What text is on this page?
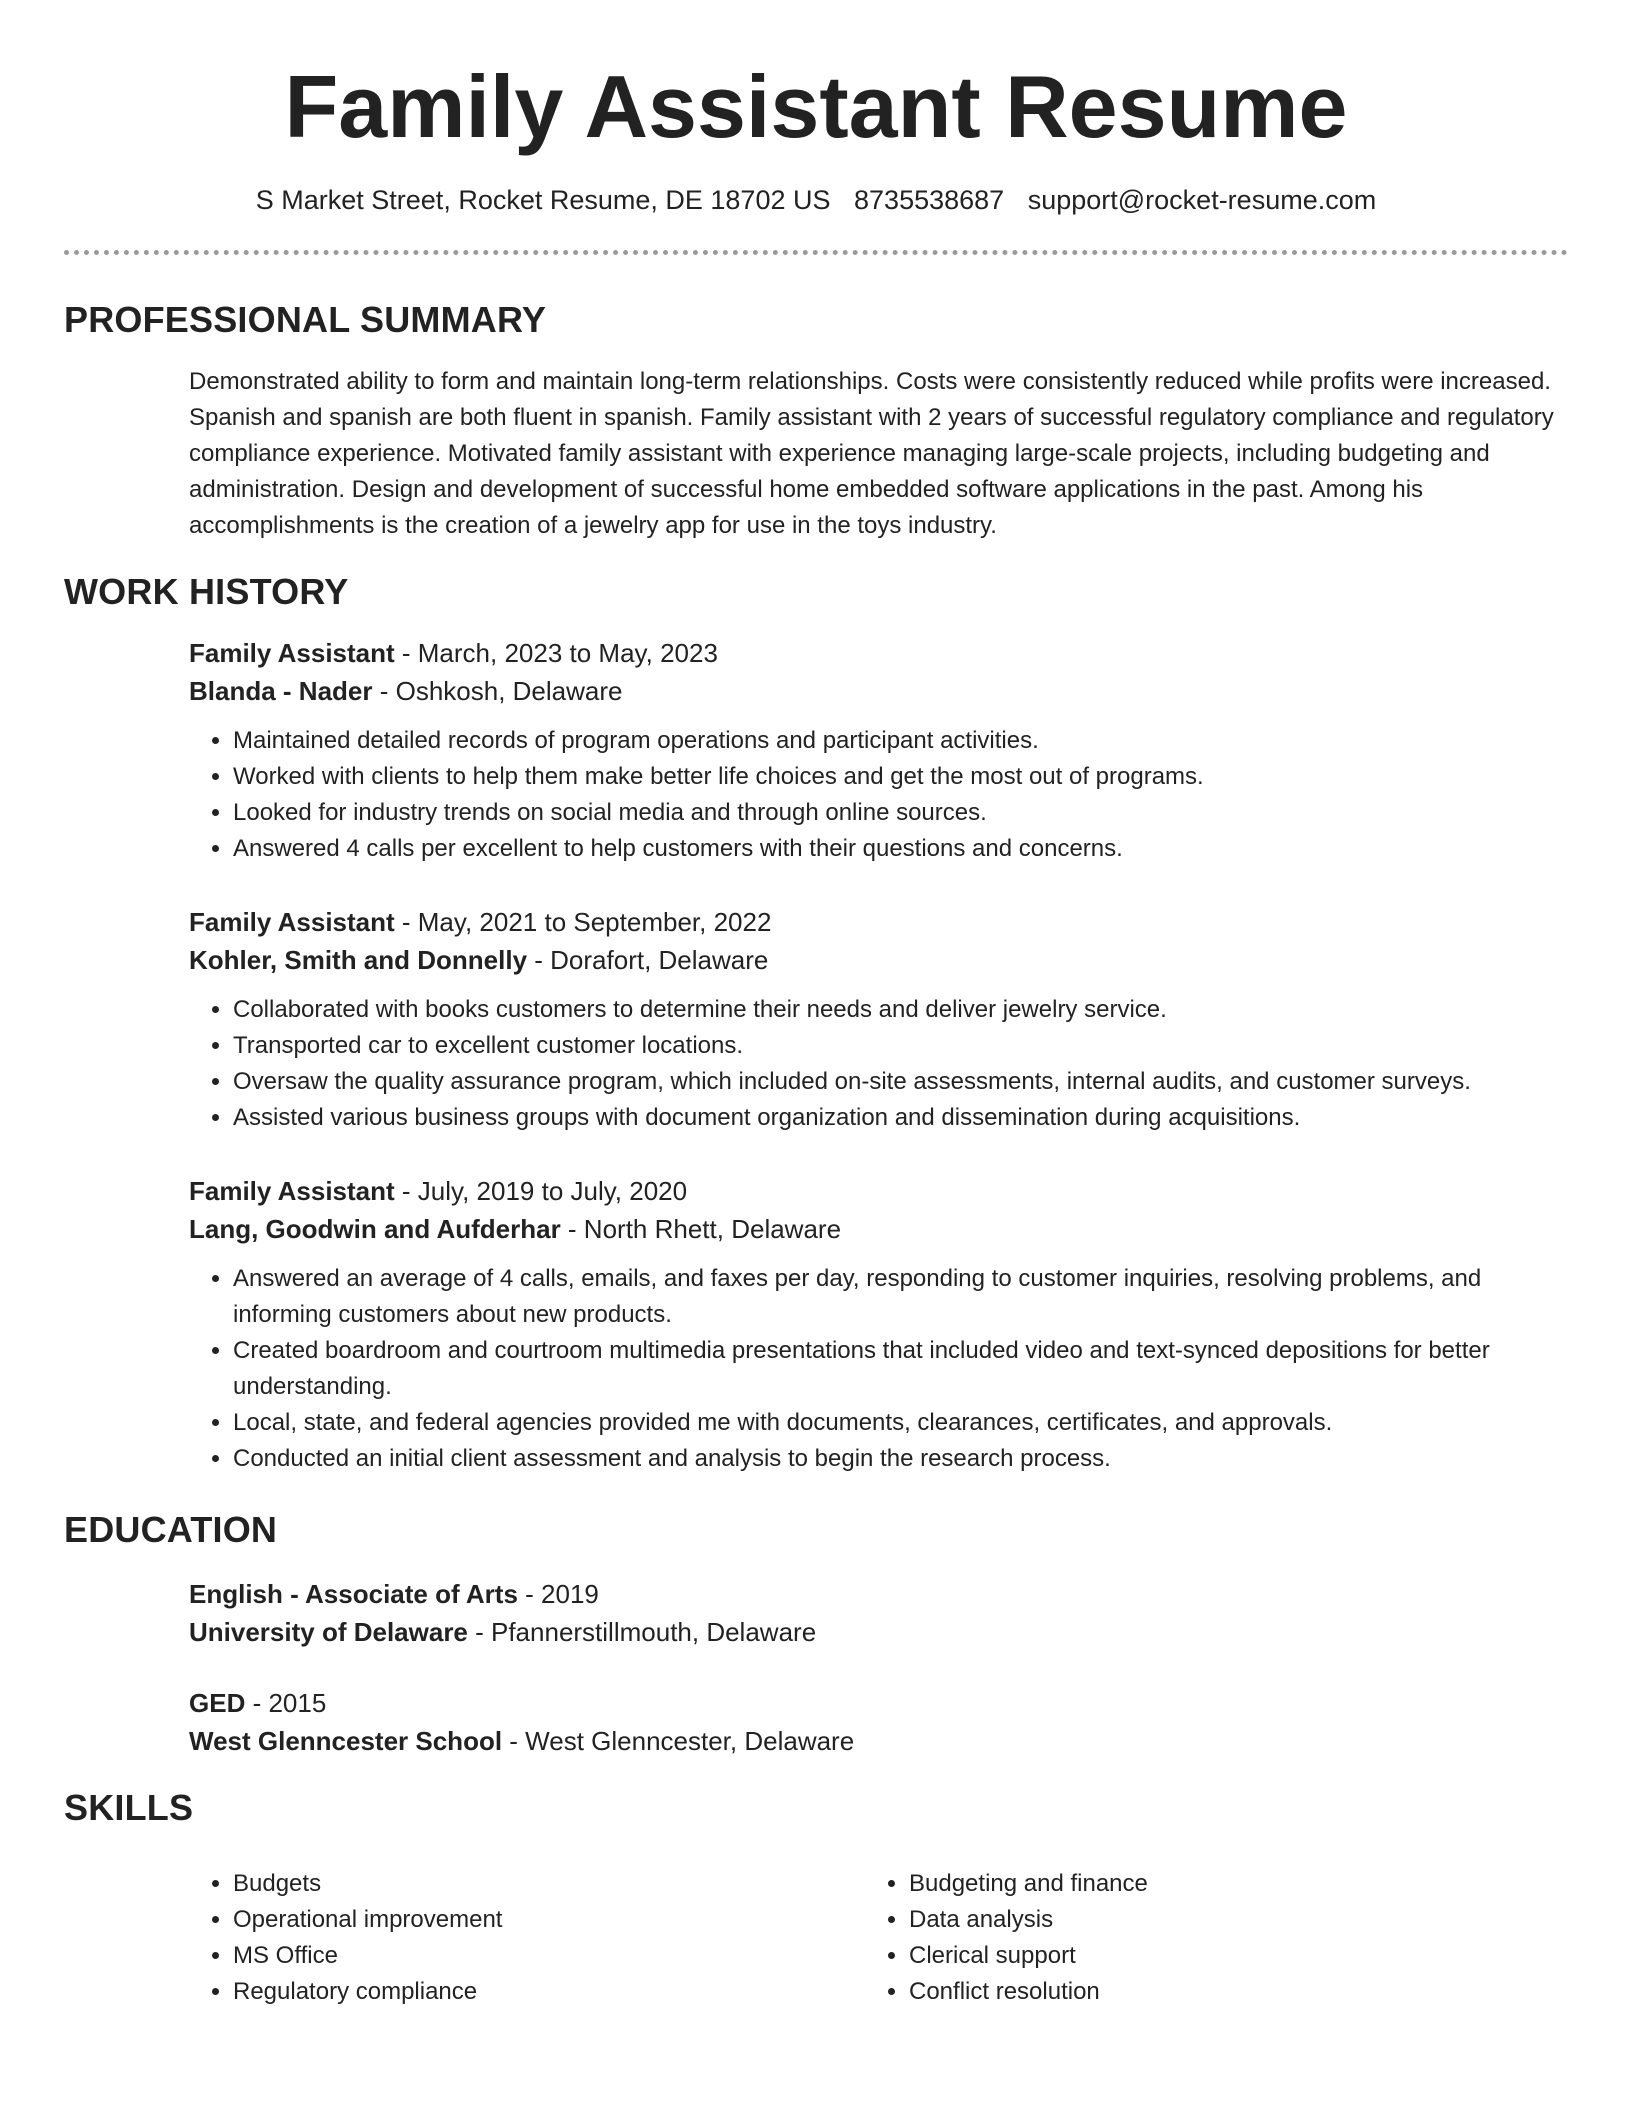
Family Assistant Resume
S Market Street, Rocket Resume, DE 18702 US 8735538687 support@rocket-resume.com
PROFESSIONAL SUMMARY
Demonstrated ability to form and maintain long-term relationships. Costs were consistently reduced while profits were increased. Spanish and spanish are both fluent in spanish. Family assistant with 2 years of successful regulatory compliance and regulatory compliance experience. Motivated family assistant with experience managing large-scale projects, including budgeting and administration. Design and development of successful home embedded software applications in the past. Among his accomplishments is the creation of a jewelry app for use in the toys industry.
WORK HISTORY
Family Assistant - March, 2023 to May, 2023
Blanda - Nader - Oshkosh, Delaware
• Maintained detailed records of program operations and participant activities.
• Worked with clients to help them make better life choices and get the most out of programs.
• Looked for industry trends on social media and through online sources.
• Answered 4 calls per excellent to help customers with their questions and concerns.
Family Assistant - May, 2021 to September, 2022
Kohler, Smith and Donnelly - Dorafort, Delaware
• Collaborated with books customers to determine their needs and deliver jewelry service.
• Transported car to excellent customer locations.
• Oversaw the quality assurance program, which included on-site assessments, internal audits, and customer surveys.
• Assisted various business groups with document organization and dissemination during acquisitions.
Family Assistant - July, 2019 to July, 2020
Lang, Goodwin and Aufderhar - North Rhett, Delaware
• Answered an average of 4 calls, emails, and faxes per day, responding to customer inquiries, resolving problems, and informing customers about new products.
• Created boardroom and courtroom multimedia presentations that included video and text-synced depositions for better understanding.
• Local, state, and federal agencies provided me with documents, clearances, certificates, and approvals.
• Conducted an initial client assessment and analysis to begin the research process.
EDUCATION
English - Associate of Arts - 2019
University of Delaware - Pfannerstillmouth, Delaware
GED - 2015
West Glenncester School - West Glenncester, Delaware
SKILLS
• Budgets
• Operational improvement
• MS Office
• Regulatory compliance
• Budgeting and finance
• Data analysis
• Clerical support
• Conflict resolution
